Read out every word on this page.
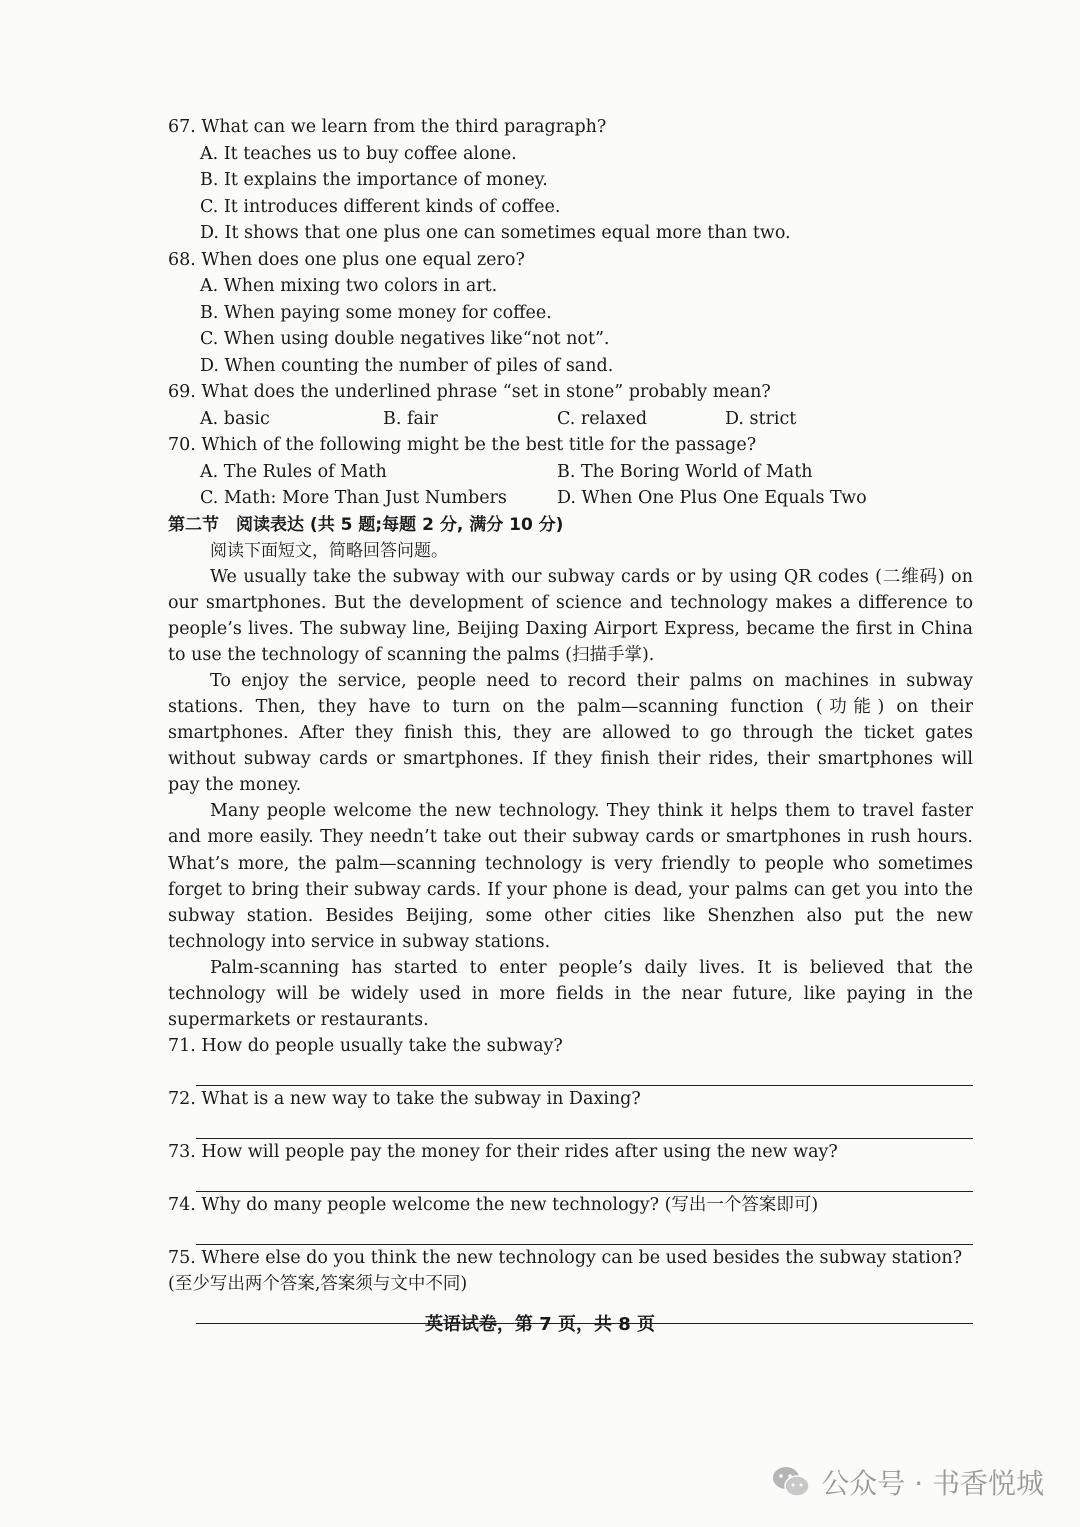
67. What can we learn from the third paragraph?
A. It teaches us to buy coffee alone.
B. It explains the importance of money.
C. It introduces different kinds of coffee.
D. It shows that one plus one can sometimes equal more than two.
68. When does one plus one equal zero?
A. When mixing two colors in art.
B. When paying some money for coffee.
C. When using double negatives like“not not”.
D. When counting the number of piles of sand.
69. What does the underlined phrase “set in stone” probably mean?
A. basic	B. fair	C. relaxed	D. strict
70. Which of the following might be the best title for the passage?
A. The Rules of Math	B. The Boring World of Math
C. Math: More Than Just Numbers	D. When One Plus One Equals Two
第二节　阅读表达 (共 5 题;每题 2 分, 满分 10 分)
阅读下面短文，简略回答问题。

We usually take the subway with our subway cards or by using QR codes (二维码) on our smartphones. But the development of science and technology makes a difference to people’s lives. The subway line, Beijing Daxing Airport Express, became the first in China to use the technology of scanning the palms (扫描手掌).

To enjoy the service, people need to record their palms on machines in subway stations. Then, they have to turn on the palm—scanning function (功能) on their smartphones. After they finish this, they are allowed to go through the ticket gates without subway cards or smartphones. If they finish their rides, their smartphones will pay the money.

Many people welcome the new technology. They think it helps them to travel faster and more easily. They needn’t take out their subway cards or smartphones in rush hours. What’s more, the palm—scanning technology is very friendly to people who sometimes forget to bring their subway cards. If your phone is dead, your palms can get you into the subway station. Besides Beijing, some other cities like Shenzhen also put the new technology into service in subway stations.

Palm-scanning has started to enter people’s daily lives. It is believed that the technology will be widely used in more fields in the near future, like paying in the supermarkets or restaurants.

71. How do people usually take the subway?
72. What is a new way to take the subway in Daxing?
73. How will people pay the money for their rides after using the new way?
74. Why do many people welcome the new technology? (写出一个答案即可)
75. Where else do you think the new technology can be used besides the subway station? (至少写出两个答案,答案须与文中不同)
英语试卷，第 7 页，共 8 页
公众号 · 书香悦城
